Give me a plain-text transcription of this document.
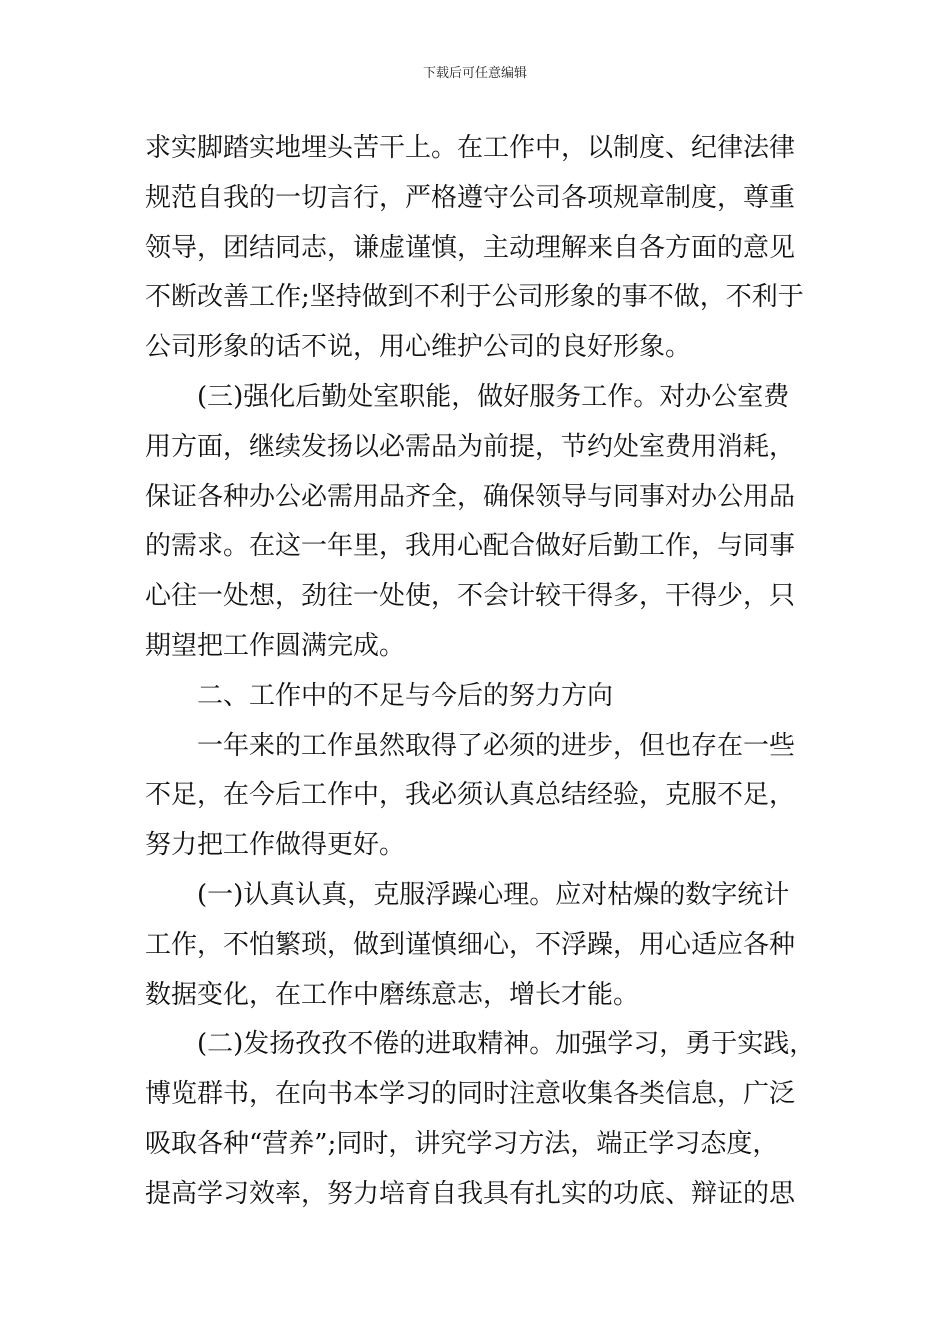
下载后可任意编辑
求实脚踏实地埋头苦干上。在工作中，以制度、纪律法律
规范自我的一切言行，严格遵守公司各项规章制度，尊重
领导，团结同志，谦虚谨慎，主动理解来自各方面的意见
不断改善工作;坚持做到不利于公司形象的事不做，不利于
公司形象的话不说，用心维护公司的良好形象。
(三)强化后勤处室职能，做好服务工作。对办公室费
用方面，继续发扬以必需品为前提，节约处室费用消耗，
保证各种办公必需用品齐全，确保领导与同事对办公用品
的需求。在这一年里，我用心配合做好后勤工作，与同事
心往一处想，劲往一处使，不会计较干得多，干得少，只
期望把工作圆满完成。
二、工作中的不足与今后的努力方向
一年来的工作虽然取得了必须的进步，但也存在一些
不足，在今后工作中，我必须认真总结经验，克服不足，
努力把工作做得更好。
(一)认真认真，克服浮躁心理。应对枯燥的数字统计
工作，不怕繁琐，做到谨慎细心，不浮躁，用心适应各种
数据变化，在工作中磨练意志，增长才能。
(二)发扬孜孜不倦的进取精神。加强学习，勇于实践，
博览群书，在向书本学习的同时注意收集各类信息，广泛
吸取各种“营养”;同时，讲究学习方法，端正学习态度，
提高学习效率，努力培育自我具有扎实的功底、辩证的思
